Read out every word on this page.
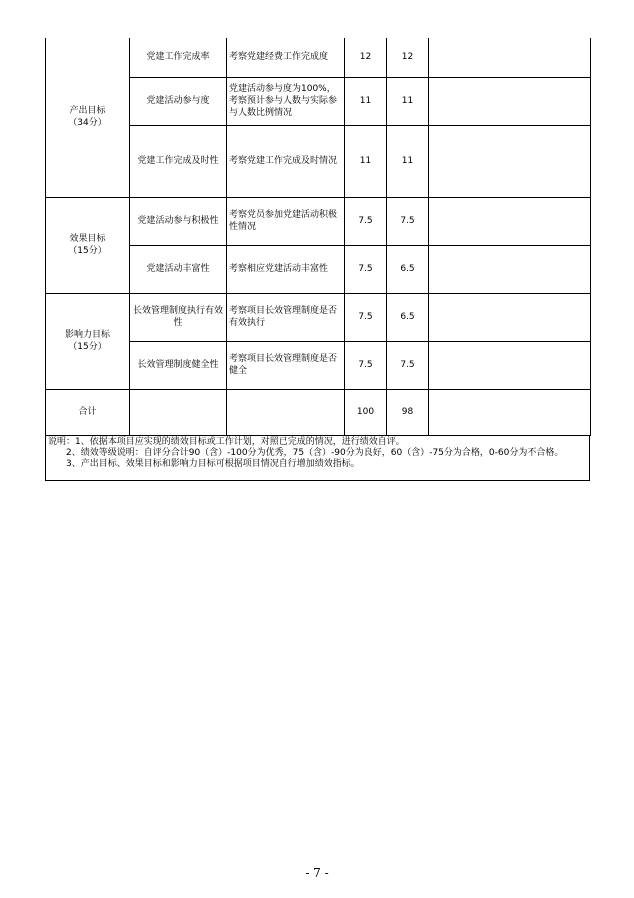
产出目标
（34分）	党建工作完成率	考察党建经费工作完成度	12	12	
	党建活动参与度	党建活动参与度为100%，考察预计参与人数与实际参与人数比例情况	11	11	
	党建工作完成及时性	考察党建工作完成及时情况	11	11	
效果目标
（15分）	党建活动参与积极性	考察党员参加党建活动积极性情况	7.5	7.5	
	党建活动丰富性	考察相应党建活动丰富性	7.5	6.5	
影响力目标
（15分）	长效管理制度执行有效性	考察项目长效管理制度是否有效执行	7.5	6.5	
	长效管理制度健全性	考察项目长效管理制度是否健全	7.5	7.5	
合计			100	98	
说明：1、依据本项目应实现的绩效目标或工作计划，对照已完成的情况，进行绩效自评。
　　2、绩效等级说明：自评分合计90（含）-100分为优秀，75（含）-90分为良好，60（含）-75分为合格，0-60分为不合格。
　　3、产出目标、效果目标和影响力目标可根据项目情况自行增加绩效指标。
- 7 -
